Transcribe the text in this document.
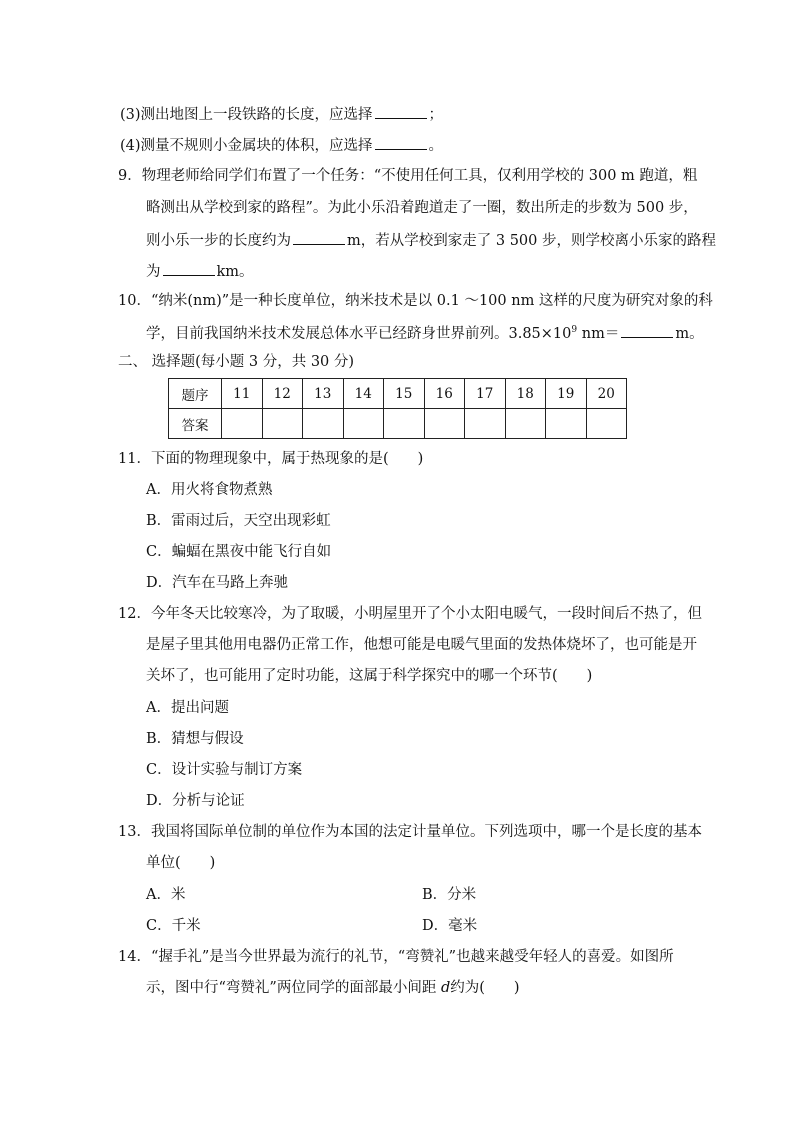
(3)测出地图上一段铁路的长度，应选择	；
(4)测量不规则小金属块的体积，应选择	。
9．物理老师给同学们布置了一个任务：“不使用任何工具，仅利用学校的 300 m 跑道，粗
略测出从学校到家的路程”。为此小乐沿着跑道走了一圈，数出所走的步数为 500 步，
则小乐一步的长度约为	m，若从学校到家走了 3 500 步，则学校离小乐家的路程
为	km。
10．“纳米(nm)”是一种长度单位，纳米技术是以 0.1 ～100 nm 这样的尺度为研究对象的科
学，目前我国纳米技术发展总体水平已经跻身世界前列。$3.85\times 10^9$ nm＝	m。
二、 选择题(每小题 3 分，共 30 分)
题序	11	12	13	14	15	16	17	18	19	20
答案										
11．下面的物理现象中，属于热现象的是(　　)
A．用火将食物煮熟
B．雷雨过后，天空出现彩虹
C．蝙蝠在黑夜中能飞行自如
D．汽车在马路上奔驰
12．今年冬天比较寒冷，为了取暖，小明屋里开了个小太阳电暖气，一段时间后不热了，但
是屋子里其他用电器仍正常工作，他想可能是电暖气里面的发热体烧坏了，也可能是开
关坏了，也可能用了定时功能，这属于科学探究中的哪一个环节(　　)
A．提出问题
B．猜想与假设
C．设计实验与制订方案
D．分析与论证
13．我国将国际单位制的单位作为本国的法定计量单位。下列选项中，哪一个是长度的基本
单位(　　)
A．米	B．分米
C．千米	D．毫米
14．“握手礼”是当今世界最为流行的礼节，“弯赞礼”也越来越受年轻人的喜爱。如图所
示，图中行“弯赞礼”两位同学的面部最小间距 d约为(　　)
